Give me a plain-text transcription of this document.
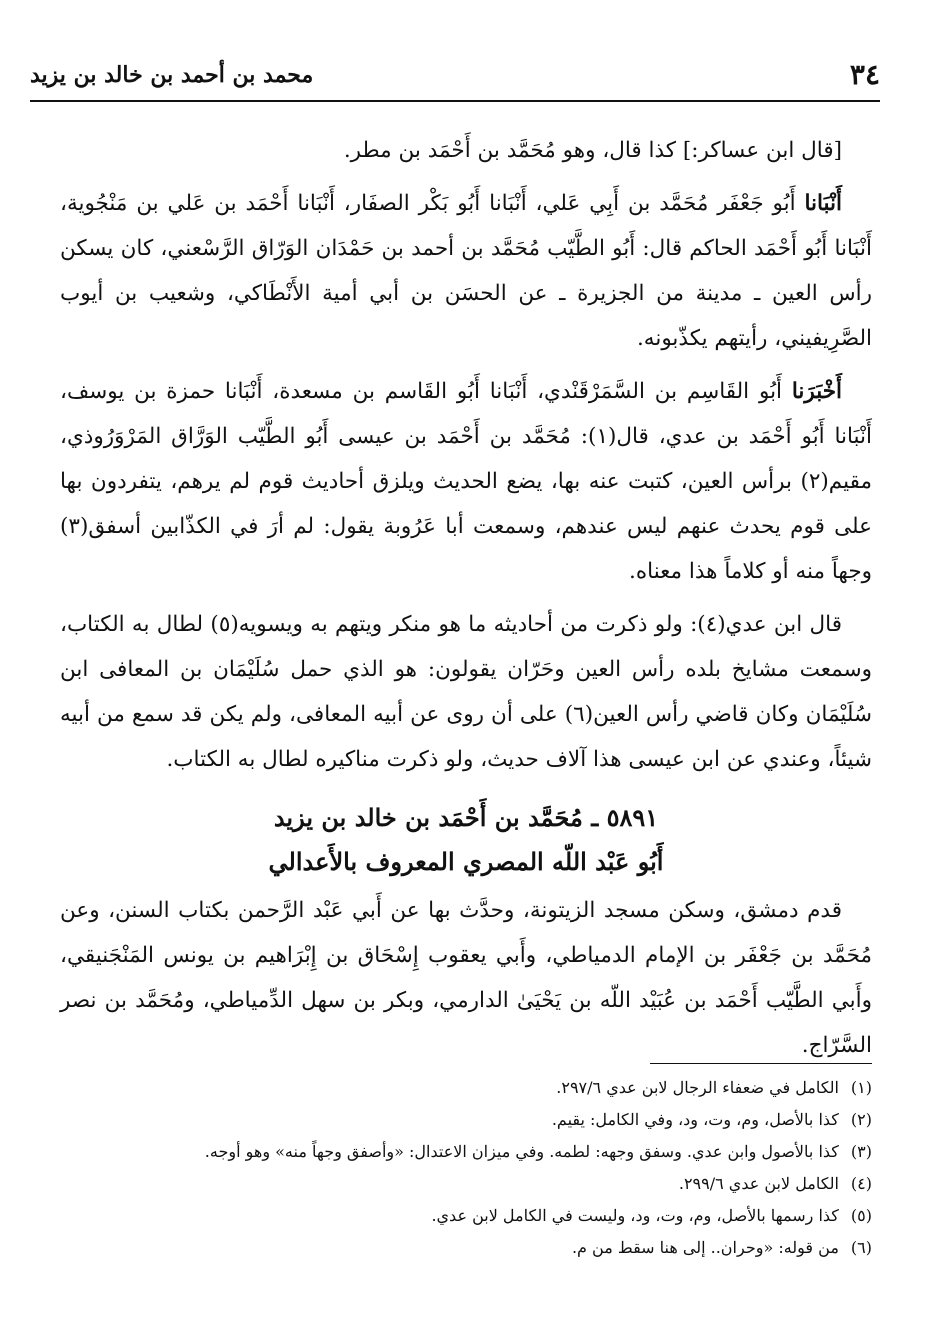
٣٤
محمد بن أحمد بن خالد بن يزيد

[قال ابن عساكر:] كذا قال، وهو مُحَمَّد بن أَحْمَد بن مطر.

أَنْبَانا أَبُو جَعْفَر مُحَمَّد بن أَبِي عَلي، أَنْبَانا أَبُو بَكْر الصفَار، أَنْبَانا أَحْمَد بن عَلي بن مَنْجُوية، أَنْبَانا أَبُو أَحْمَد الحاكم قال: أَبُو الطَّيّب مُحَمَّد بن أحمد بن حَمْدَان الوَرّاق الرَّسْعني، كان يسكن رأس العين ـ مدينة من الجزيرة ـ عن الحسَن بن أبي أمية الأَنْطَاكي، وشعيب بن أيوب الصَّرِيفيني، رأيتهم يكذّبونه.

أَخْبَرَنا أَبُو القَاسِم بن السَّمَرْقَنْدي، أَنْبَانا أَبُو القَاسم بن مسعدة، أَنْبَانا حمزة بن يوسف، أَنْبَانا أَبُو أَحْمَد بن عدي، قال(١): مُحَمَّد بن أَحْمَد بن عيسى أَبُو الطَّيّب الوَرَّاق المَرْوَرُوذي، مقيم(٢) برأس العين، كتبت عنه بها، يضع الحديث ويلزق أحاديث قوم لم يرهم، يتفردون بها على قوم يحدث عنهم ليس عندهم، وسمعت أبا عَرُوبة يقول: لم أرَ في الكذّابين أسفق(٣) وجهاً منه أو كلاماً هذا معناه.

قال ابن عدي(٤): ولو ذكرت من أحاديثه ما هو منكر ويتهم به ويسويه(٥) لطال به الكتاب، وسمعت مشايخ بلده رأس العين وحَرّان يقولون: هو الذي حمل سُلَيْمَان بن المعافى ابن سُلَيْمَان وكان قاضي رأس العين(٦) على أن روى عن أبيه المعافى، ولم يكن قد سمع من أبيه شيئاً، وعندي عن ابن عيسى هذا آلاف حديث، ولو ذكرت مناكيره لطال به الكتاب.

٥٨٩١ ـ مُحَمَّد بن أَحْمَد بن خالد بن يزيد
أَبُو عَبْد اللّه المصري المعروف بالأَعدالي

قدم دمشق، وسكن مسجد الزيتونة، وحدَّث بها عن أَبي عَبْد الرَّحمن بكتاب السنن، وعن مُحَمَّد بن جَعْفَر بن الإمام الدمياطي، وأَبي يعقوب إِسْحَاق بن إِبْرَاهيم بن يونس المَنْجَنيقي، وأَبي الطَّيّب أَحْمَد بن عُبَيْد اللّه بن يَحْيَىٰ الدارمي، وبكر بن سهل الدِّمياطي، ومُحَمَّد بن نصر السَّرّاج.

(١)
الكامل في ضعفاء الرجال لابن عدي ٢٩٧/٦.
(٢)
كذا بالأصل، وم، وت، ود، وفي الكامل: يقيم.
(٣)
كذا بالأصول وابن عدي. وسفق وجهه: لطمه. وفي ميزان الاعتدال: «وأصفق وجهاً منه» وهو أوجه.
(٤)
الكامل لابن عدي ٢٩٩/٦.
(٥)
كذا رسمها بالأصل، وم، وت، ود، وليست في الكامل لابن عدي.
(٦)
من قوله: «وحران.. إلى هنا سقط من م.
